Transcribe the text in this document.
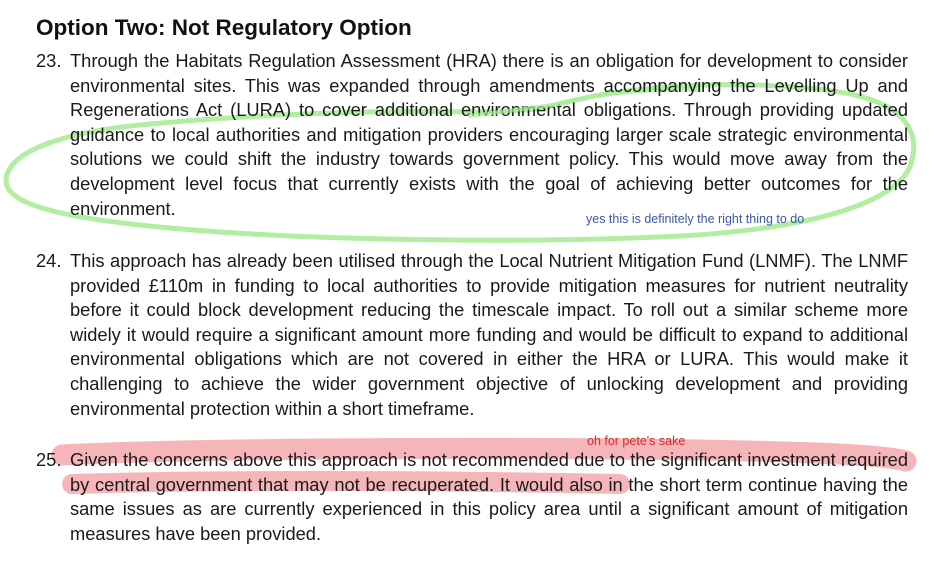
Option Two: Not Regulatory Option
23. Through the Habitats Regulation Assessment (HRA) there is an obligation for development to consider environmental sites. This was expanded through amendments accompanying the Levelling Up and Regenerations Act (LURA) to cover additional environmental obligations. Through providing updated guidance to local authorities and mitigation providers encouraging larger scale strategic environmental solutions we could shift the industry towards government policy. This would move away from the development level focus that currently exists with the goal of achieving better outcomes for the environment.
24. This approach has already been utilised through the Local Nutrient Mitigation Fund (LNMF). The LNMF provided £110m in funding to local authorities to provide mitigation measures for nutrient neutrality before it could block development reducing the timescale impact. To roll out a similar scheme more widely it would require a significant amount more funding and would be difficult to expand to additional environmental obligations which are not covered in either the HRA or LURA. This would make it challenging to achieve the wider government objective of unlocking development and providing environmental protection within a short timeframe.
25. Given the concerns above this approach is not recommended due to the significant investment required by central government that may not be recuperated. It would also in the short term continue having the same issues as are currently experienced in this policy area until a significant amount of mitigation measures have been provided.
yes this is definitely the right thing to do
oh for pete's sake
